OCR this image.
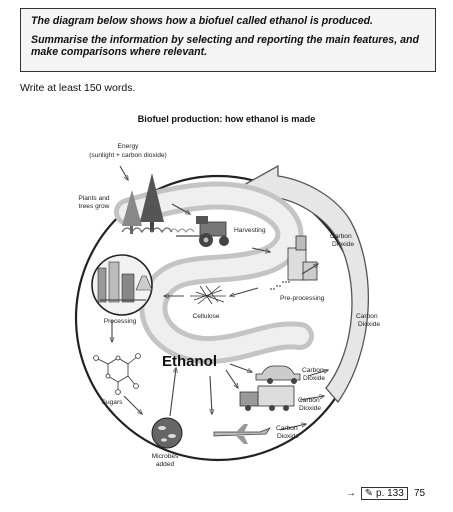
The diagram below shows how a biofuel called ethanol is produced.

Summarise the information by selecting and reporting the main features, and make comparisons where relevant.

Write at least 150 words.
Biofuel production: how ethanol is made
Energy
(sunlight + carbon dioxide)
Plants and
trees grow
Harvesting
Pre-processing
Cellulose
Processing
Sugars
Microbes
added
Ethanol
Carbon
Dioxide
Carbon
Dioxide
Carbon
Dioxide
Carbon
Dioxide
Carbon
Dioxide
→ ✎ p. 133	75
